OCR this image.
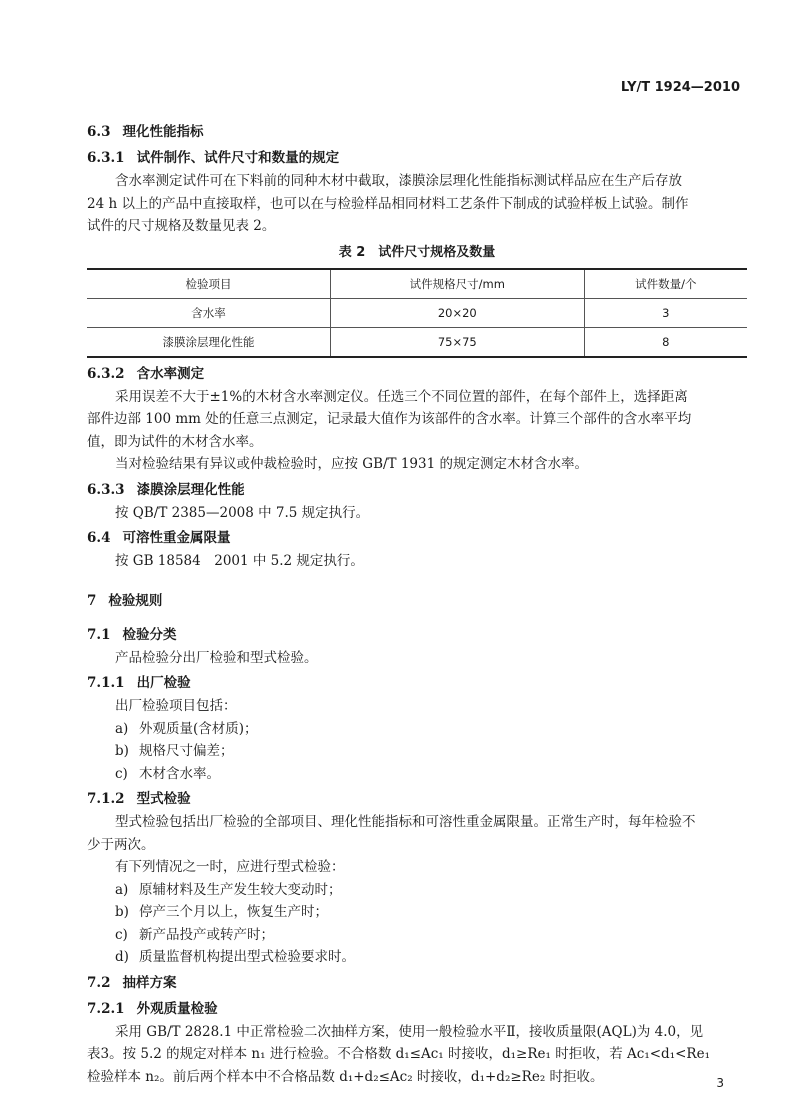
LY/T 1924—2010
6.3 理化性能指标
6.3.1 试件制作、试件尺寸和数量的规定
含水率测定试件可在下料前的同种木材中截取，漆膜涂层理化性能指标测试样品应在生产后存放
24 h 以上的产品中直接取样，也可以在与检验样品相同材料工艺条件下制成的试验样板上试验。制作
试件的尺寸规格及数量见表 2。
表 2　试件尺寸规格及数量
检验项目	试件规格尺寸/mm	试件数量/个
含水率	20×20	3
漆膜涂层理化性能	75×75	8
6.3.2 含水率测定
采用误差不大于±1%的木材含水率测定仪。任选三个不同位置的部件，在每个部件上，选择距离
部件边部 100 mm 处的任意三点测定，记录最大值作为该部件的含水率。计算三个部件的含水率平均
值，即为试件的木材含水率。
当对检验结果有异议或仲裁检验时，应按 GB/T 1931 的规定测定木材含水率。
6.3.3 漆膜涂层理化性能
按 QB/T 2385—2008 中 7.5 规定执行。
6.4 可溶性重金属限量
按 GB 18584　2001 中 5.2 规定执行。
7 检验规则
7.1 检验分类
产品检验分出厂检验和型式检验。
7.1.1 出厂检验
出厂检验项目包括：
a) 外观质量(含材质)；
b) 规格尺寸偏差；
c) 木材含水率。
7.1.2 型式检验
型式检验包括出厂检验的全部项目、理化性能指标和可溶性重金属限量。正常生产时，每年检验不
少于两次。
有下列情况之一时，应进行型式检验：
a) 原辅材料及生产发生较大变动时；
b) 停产三个月以上，恢复生产时；
c) 新产品投产或转产时；
d) 质量监督机构提出型式检验要求时。
7.2 抽样方案
7.2.1 外观质量检验
采用 GB/T 2828.1 中正常检验二次抽样方案，使用一般检验水平Ⅱ，接收质量限(AQL)为 4.0，见
表3。按 5.2 的规定对样本 n₁ 进行检验。不合格数 d₁≤Ac₁ 时接收，d₁≥Re₁ 时拒收，若 Ac₁<d₁<Re₁
检验样本 n₂。前后两个样本中不合格品数 d₁+d₂≤Ac₂ 时接收，d₁+d₂≥Re₂ 时拒收。	3
